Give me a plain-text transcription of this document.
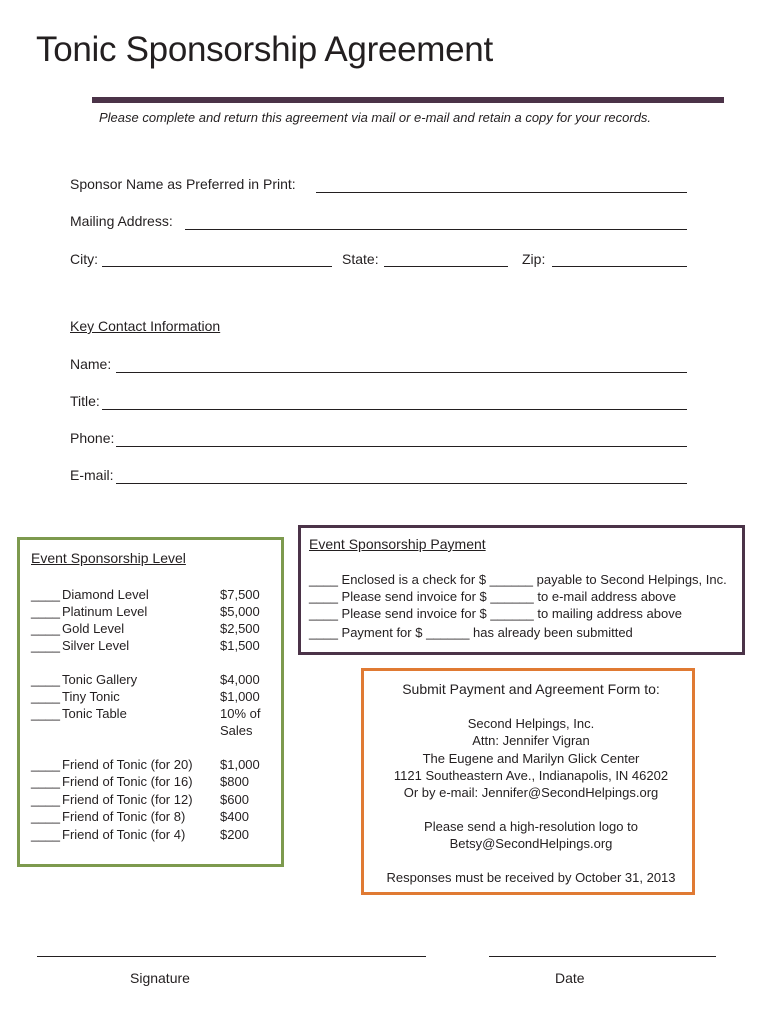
Tonic Sponsorship Agreement
Please complete and return this agreement via mail or e-mail and retain a copy for your records.
Sponsor Name as Preferred in Print:
Mailing Address:
City:	State:	Zip:
Key Contact Information
Name:
Title:
Phone:
E-mail:
Event Sponsorship Level
____ Diamond Level	$7,500
____ Platinum Level	$5,000
____ Gold Level	$2,500
____ Silver Level	$1,500
____ Tonic Gallery	$4,000
____ Tiny Tonic	$1,000
____ Tonic Table	10% of
Sales
____ Friend of Tonic (for 20) $1,000
____ Friend of Tonic (for 16) $800
____ Friend of Tonic (for 12) $600
____ Friend of Tonic (for 8)	$400
____ Friend of Tonic (for 4)	$200
Event Sponsorship Payment
____ Enclosed is a check for $ ______ payable to Second Helpings, Inc.
____ Please send invoice for $ ______ to e-mail address above
____ Please send invoice for $ ______ to mailing address above
____ Payment for $ ______ has already been submitted
Submit Payment and Agreement Form to:
Second Helpings, Inc.
Attn: Jennifer Vigran
The Eugene and Marilyn Glick Center
1121 Southeastern Ave., Indianapolis, IN 46202
Or by e-mail: Jennifer@SecondHelpings.org
Please send a high-resolution logo to
Betsy@SecondHelpings.org
Responses must be received by October 31, 2013
Signature	Date
